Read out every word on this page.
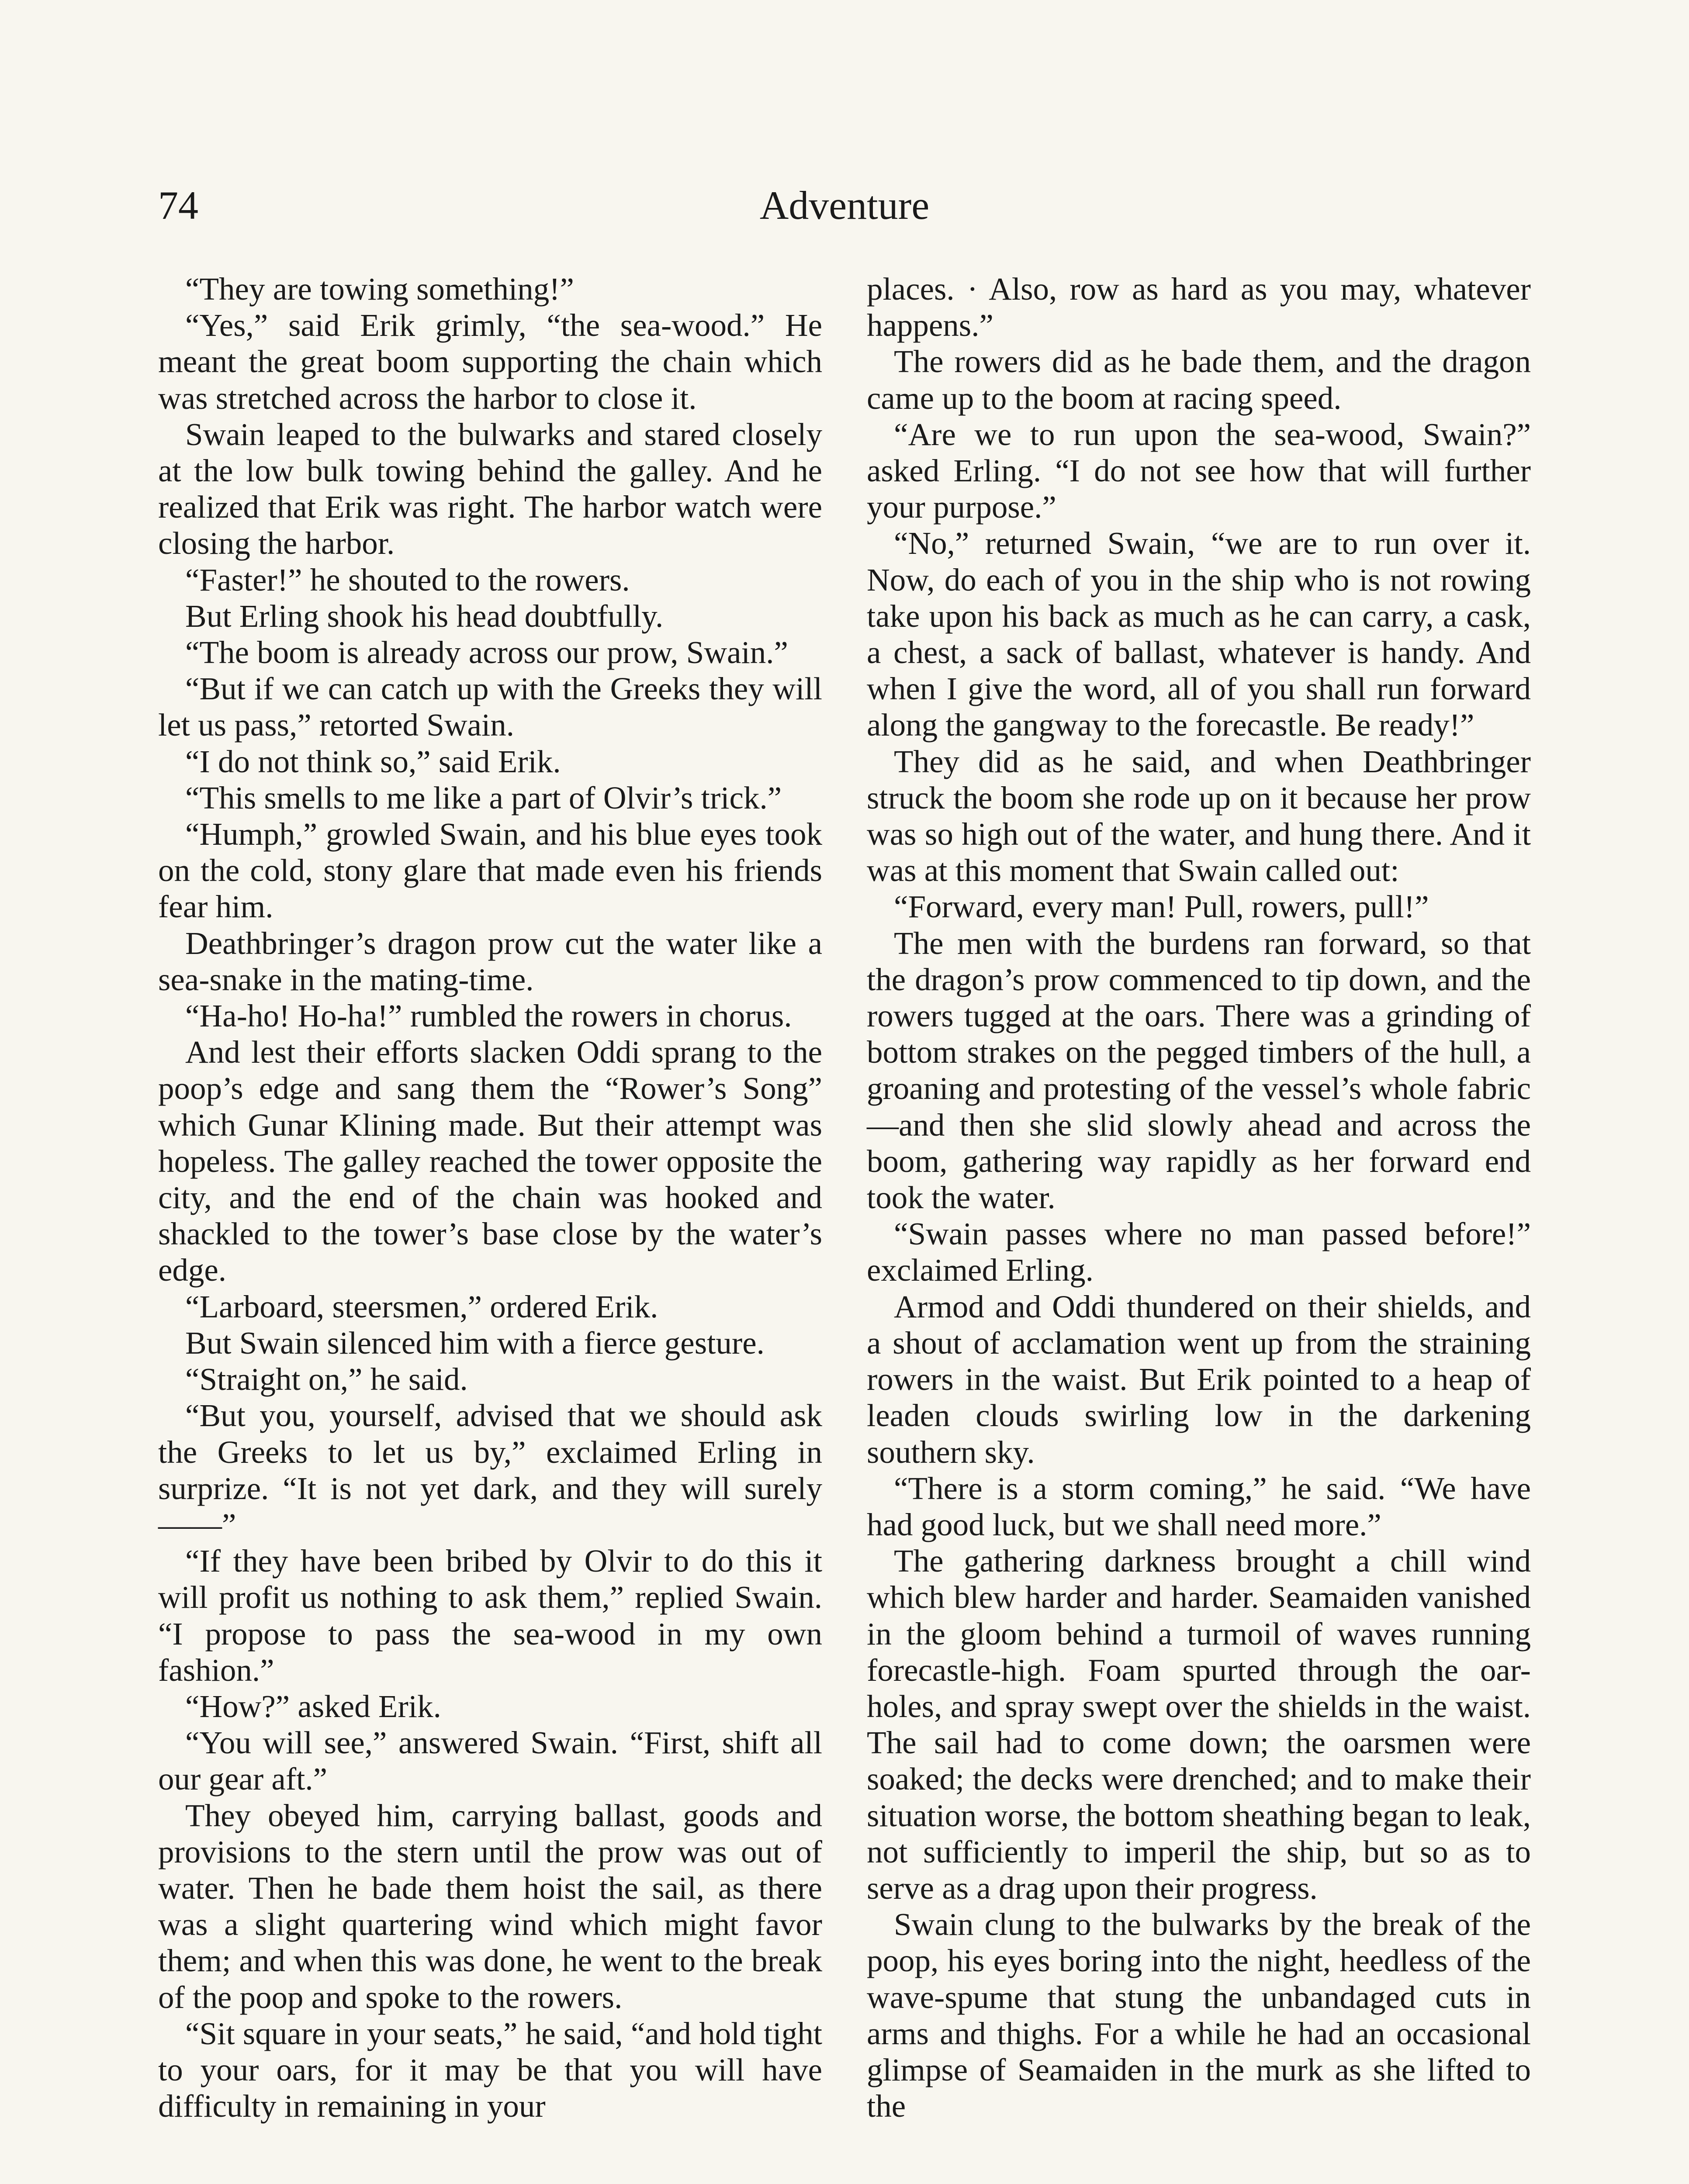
74	Adventure

“They are towing something!”

“Yes,” said Erik grimly, “the sea-wood.” He meant the great boom supporting the chain which was stretched across the harbor to close it.

Swain leaped to the bulwarks and stared closely at the low bulk towing behind the galley. And he realized that Erik was right. The harbor watch were closing the harbor.

“Faster!” he shouted to the rowers.

But Erling shook his head doubtfully.

“The boom is already across our prow, Swain.”

“But if we can catch up with the Greeks they will let us pass,” retorted Swain.

“I do not think so,” said Erik.

“This smells to me like a part of Olvir’s trick.”

“Humph,” growled Swain, and his blue eyes took on the cold, stony glare that made even his friends fear him.

Deathbringer’s dragon prow cut the water like a sea-snake in the mating-time.

“Ha-ho! Ho-ha!” rumbled the rowers in chorus.

And lest their efforts slacken Oddi sprang to the poop’s edge and sang them the “Rower’s Song” which Gunar Klining made. But their attempt was hopeless. The galley reached the tower opposite the city, and the end of the chain was hooked and shackled to the tower’s base close by the water’s edge.

“Larboard, steersmen,” ordered Erik.

But Swain silenced him with a fierce gesture.

“Straight on,” he said.

“But you, yourself, advised that we should ask the Greeks to let us by,” exclaimed Erling in surprize. “It is not yet dark, and they will surely——”

“If they have been bribed by Olvir to do this it will profit us nothing to ask them,” replied Swain. “I propose to pass the sea-wood in my own fashion.”

“How?” asked Erik.

“You will see,” answered Swain. “First, shift all our gear aft.”

They obeyed him, carrying ballast, goods and provisions to the stern until the prow was out of water. Then he bade them hoist the sail, as there was a slight quartering wind which might favor them; and when this was done, he went to the break of the poop and spoke to the rowers.

“Sit square in your seats,” he said, “and hold tight to your oars, for it may be that you will have difficulty in remaining in your

places. · Also, row as hard as you may, whatever happens.”

The rowers did as he bade them, and the dragon came up to the boom at racing speed.

“Are we to run upon the sea-wood, Swain?” asked Erling. “I do not see how that will further your purpose.”

“No,” returned Swain, “we are to run over it. Now, do each of you in the ship who is not rowing take upon his back as much as he can carry, a cask, a chest, a sack of ballast, whatever is handy. And when I give the word, all of you shall run forward along the gangway to the forecastle. Be ready!”

They did as he said, and when Deathbringer struck the boom she rode up on it because her prow was so high out of the water, and hung there. And it was at this moment that Swain called out:

“Forward, every man! Pull, rowers, pull!”

The men with the burdens ran forward, so that the dragon’s prow commenced to tip down, and the rowers tugged at the oars. There was a grinding of bottom strakes on the pegged timbers of the hull, a groaning and protesting of the vessel’s whole fabric—and then she slid slowly ahead and across the boom, gathering way rapidly as her forward end took the water.

“Swain passes where no man passed before!” exclaimed Erling.

Armod and Oddi thundered on their shields, and a shout of acclamation went up from the straining rowers in the waist. But Erik pointed to a heap of leaden clouds swirling low in the darkening southern sky.

“There is a storm coming,” he said. “We have had good luck, but we shall need more.”

The gathering darkness brought a chill wind which blew harder and harder. Seamaiden vanished in the gloom behind a turmoil of waves running forecastle-high. Foam spurted through the oar-holes, and spray swept over the shields in the waist. The sail had to come down; the oarsmen were soaked; the decks were drenched; and to make their situation worse, the bottom sheathing began to leak, not sufficiently to imperil the ship, but so as to serve as a drag upon their progress.

Swain clung to the bulwarks by the break of the poop, his eyes boring into the night, heedless of the wave-spume that stung the unbandaged cuts in arms and thighs. For a while he had an occasional glimpse of Seamaiden in the murk as she lifted to the
